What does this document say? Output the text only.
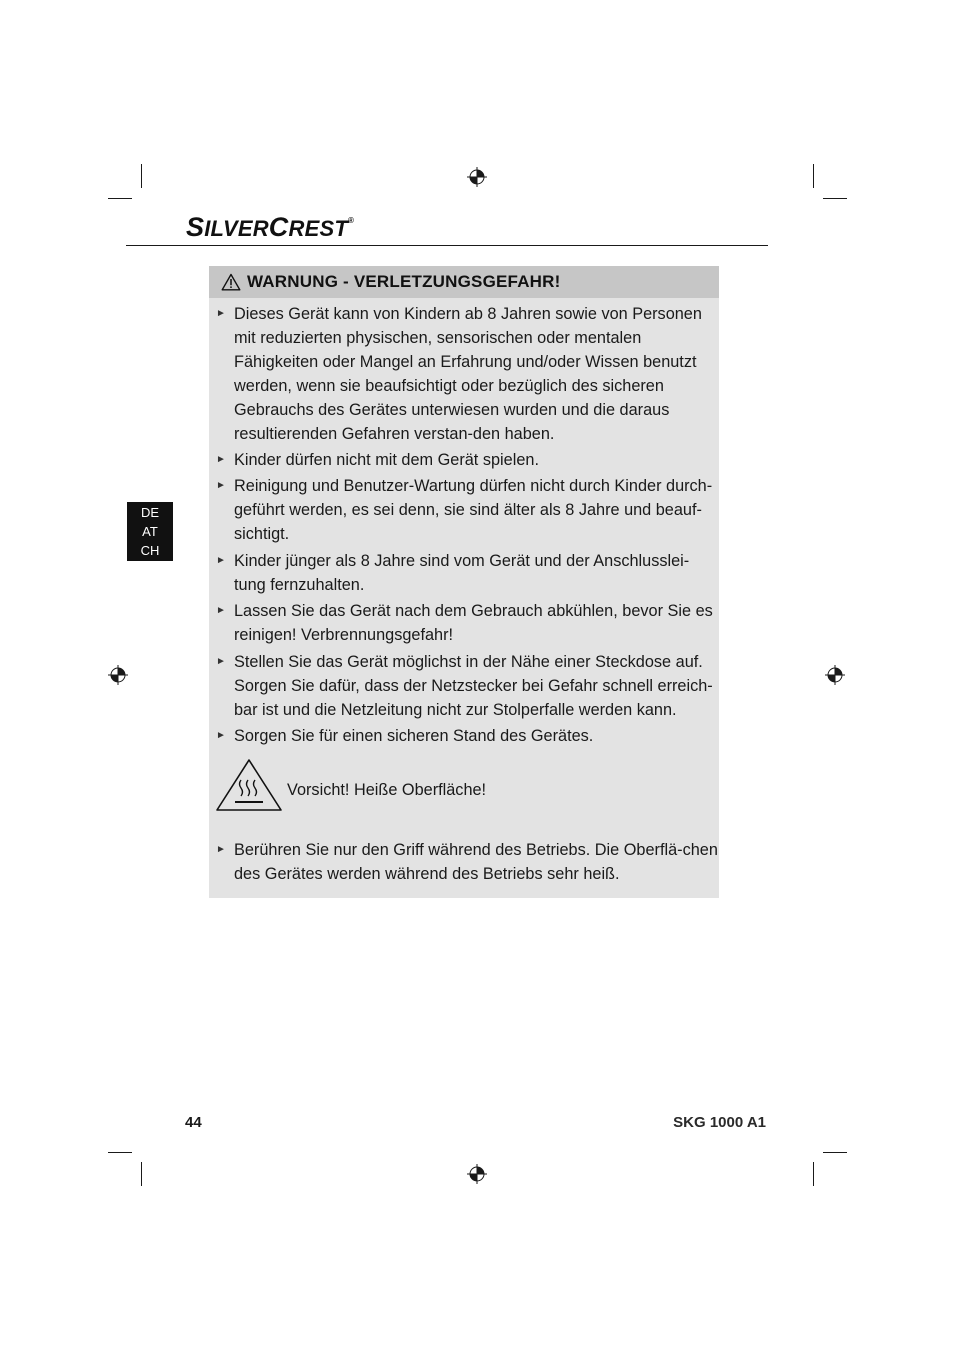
SILVERCREST®
DE
AT
CH
WARNUNG - VERLETZUNGSGEFAHR!
► Dieses Gerät kann von Kindern ab 8 Jahren sowie von Personen mit reduzierten physischen, sensorischen oder mentalen Fähigkeiten oder Mangel an Erfahrung und/oder Wissen benutzt werden, wenn sie beaufsichtigt oder bezüglich des sicheren Gebrauchs des Gerätes unterwiesen wurden und die daraus resultierenden Gefahren verstan-den haben.
► Kinder dürfen nicht mit dem Gerät spielen.
► Reinigung und Benutzer-Wartung dürfen nicht durch Kinder durch-geführt werden, es sei denn, sie sind älter als 8 Jahre und beauf-sichtigt.
► Kinder jünger als 8 Jahre sind vom Gerät und der Anschlusslei-tung fernzuhalten.
► Lassen Sie das Gerät nach dem Gebrauch abkühlen, bevor Sie es reinigen! Verbrennungsgefahr!
► Stellen Sie das Gerät möglichst in der Nähe einer Steckdose auf. Sorgen Sie dafür, dass der Netzstecker bei Gefahr schnell erreich-bar ist und die Netzleitung nicht zur Stolperfalle werden kann.
► Sorgen Sie für einen sicheren Stand des Gerätes.
► Berühren Sie nur den Griff während des Betriebs. Die Oberflä-chen des Gerätes werden während des Betriebs sehr heiß.
Vorsicht! Heiße Oberfläche!
44	SKG 1000 A1
